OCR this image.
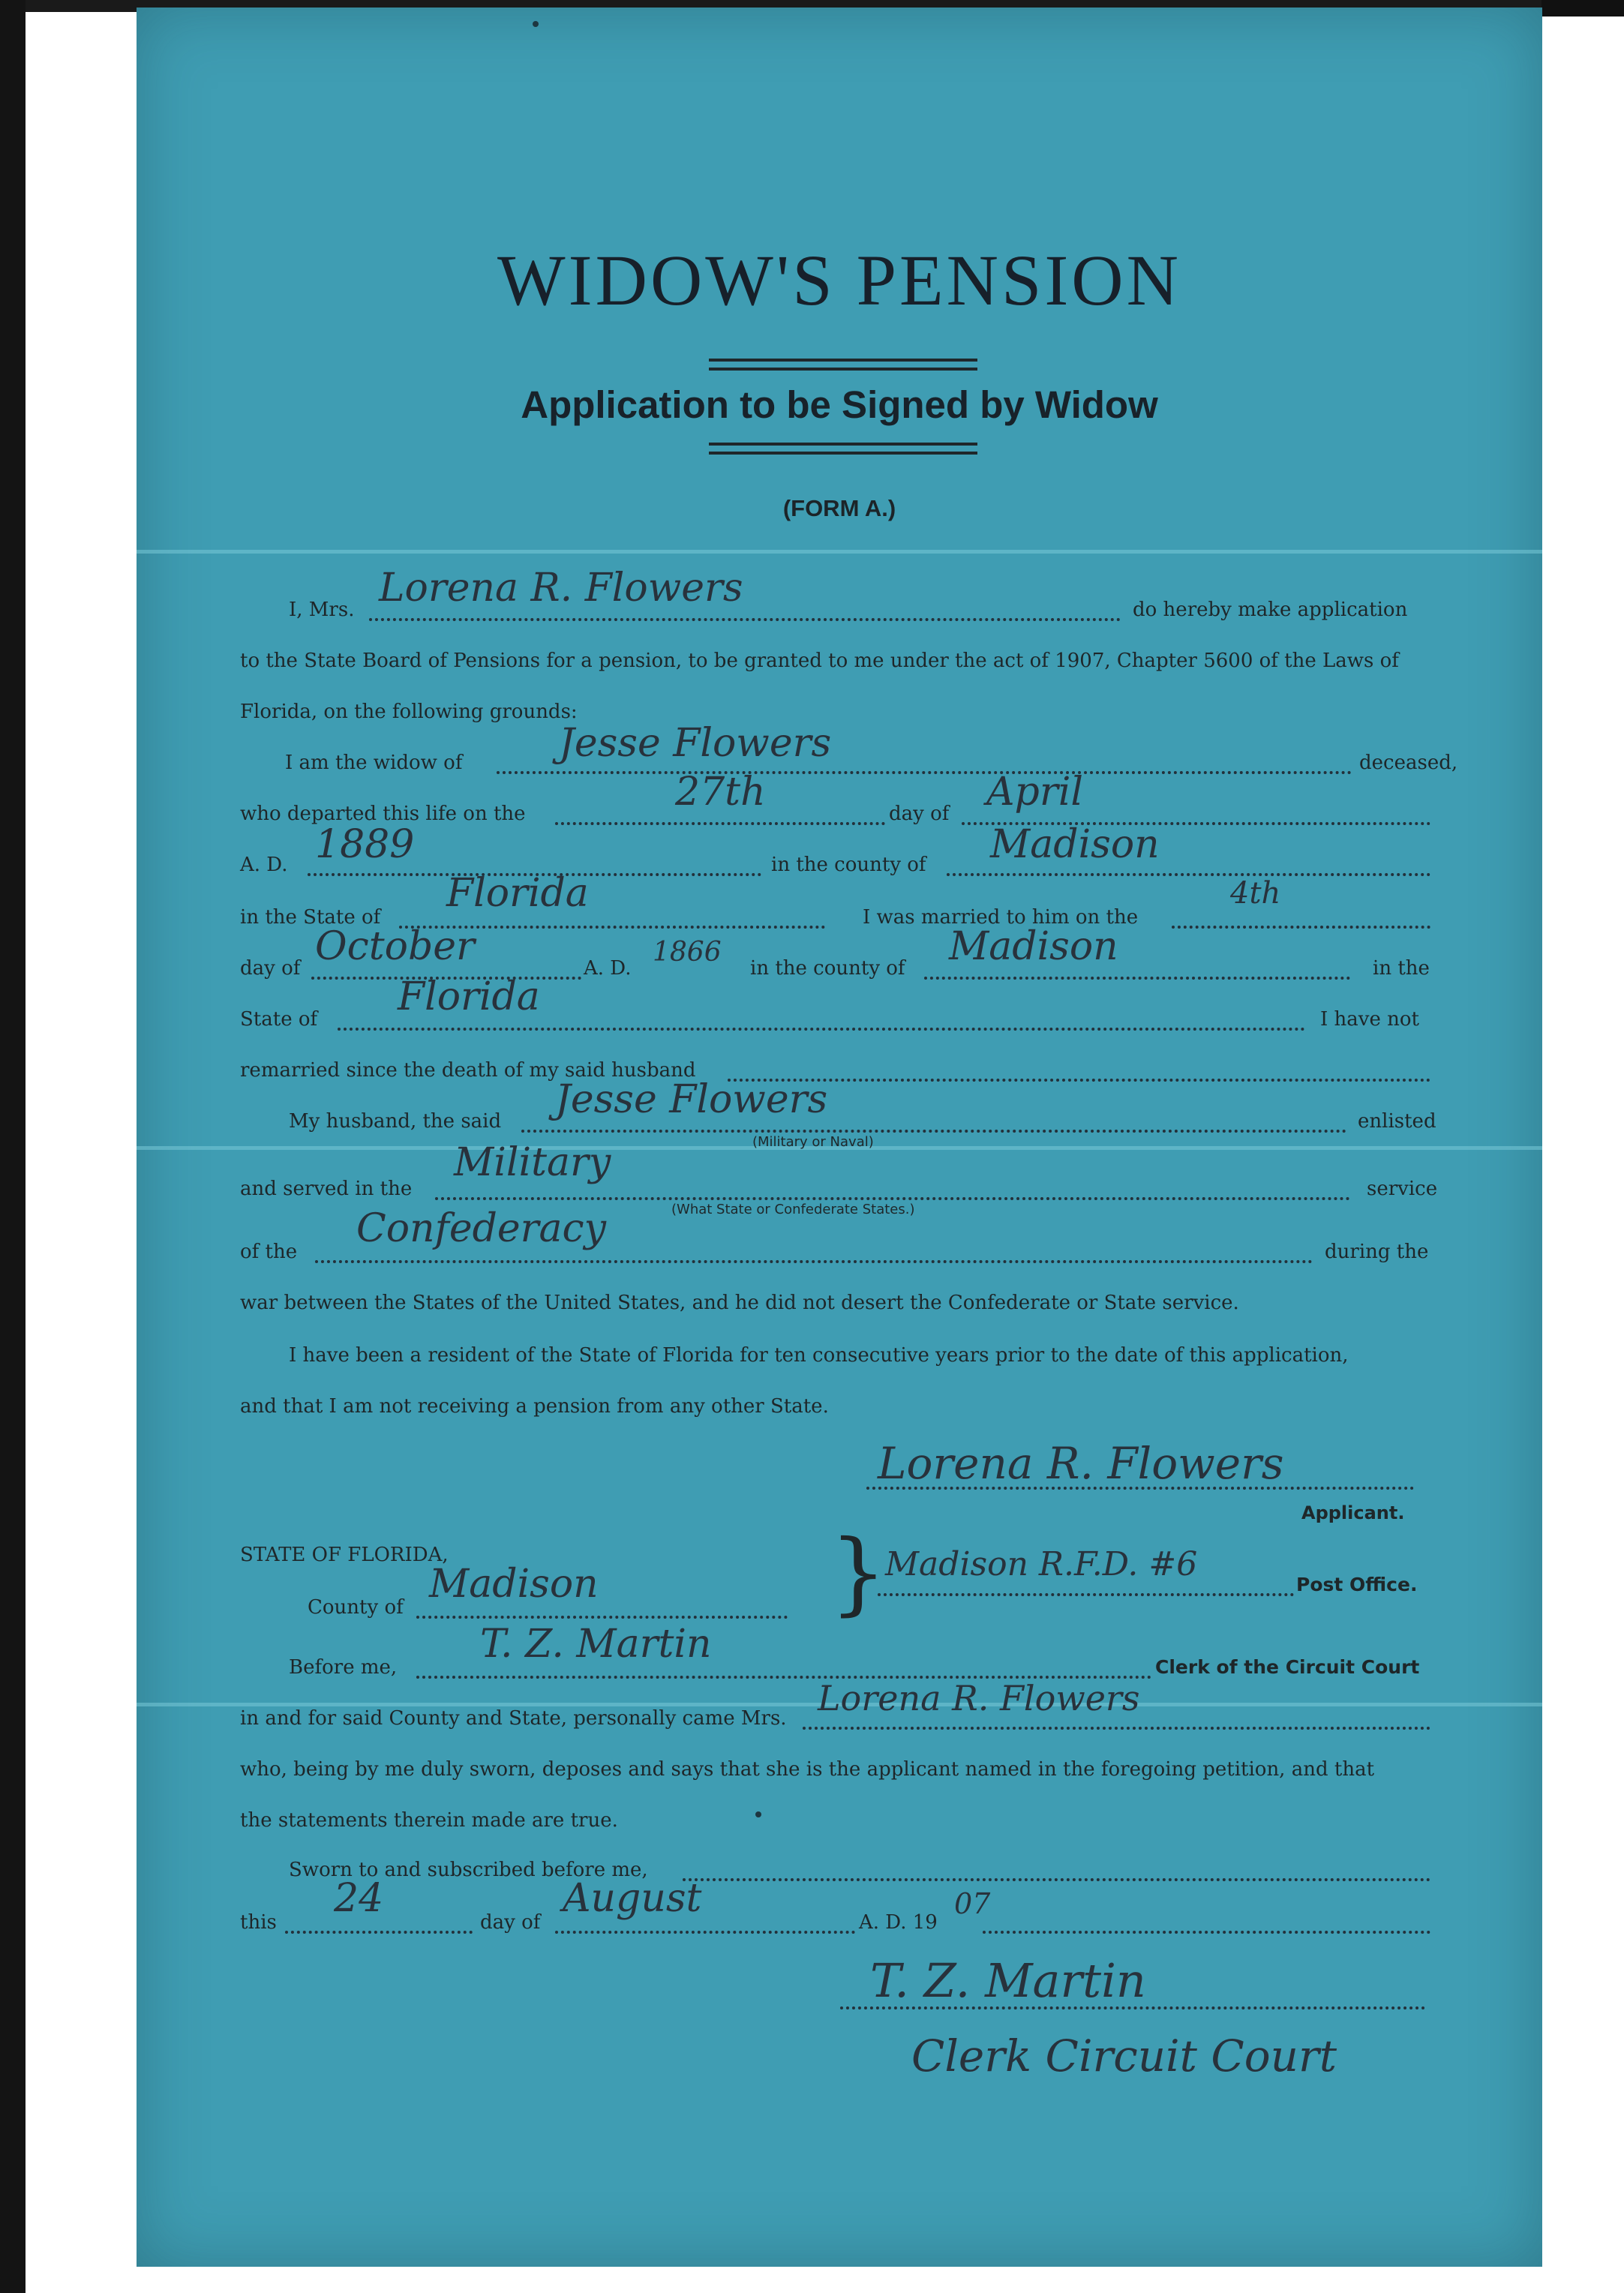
WIDOW'S PENSION
Application to be Signed by Widow
(FORM A.)
I, Mrs.	do hereby make application
Lorena R. Flowers
to the State Board of Pensions for a pension, to be granted to me under the act of 1907, Chapter 5600 of the Laws of
Florida, on the following grounds:
I am the widow of	deceased,
Jesse Flowers
who departed this life on the	day of
27th	April
A. D.	in the county of
1889	Madison
in the State of	I was married to him on the
Florida	4th
day of	A. D.	in the county of	in the
October	1866	Madison
State of	I have not
Florida
remarried since the death of my said husband
My husband, the said	enlisted
Jesse Flowers
(Military or Naval)
and served in the	service
Military
(What State or Confederate States.)
of the	during the
Confederacy
war between the States of the United States, and he did not desert the Confederate or State service.
I have been a resident of the State of Florida for ten consecutive years prior to the date of this application,
and that I am not receiving a pension from any other State.
Lorena R. Flowers
Applicant.
STATE OF FLORIDA,	}
County of
Madison	Post Office.
Madison R.F.D. #6
Before me,	Clerk of the Circuit Court
T. Z. Martin
in and for said County and State, personally came Mrs. Lorena R. Flowers
who, being by me duly sworn, deposes and says that she is the applicant named in the foregoing petition, and that
the statements therein made are true.
Sworn to and subscribed before me,
this	day of	A. D. 19
24	August	07
T. Z. Martin
Clerk Circuit Court
